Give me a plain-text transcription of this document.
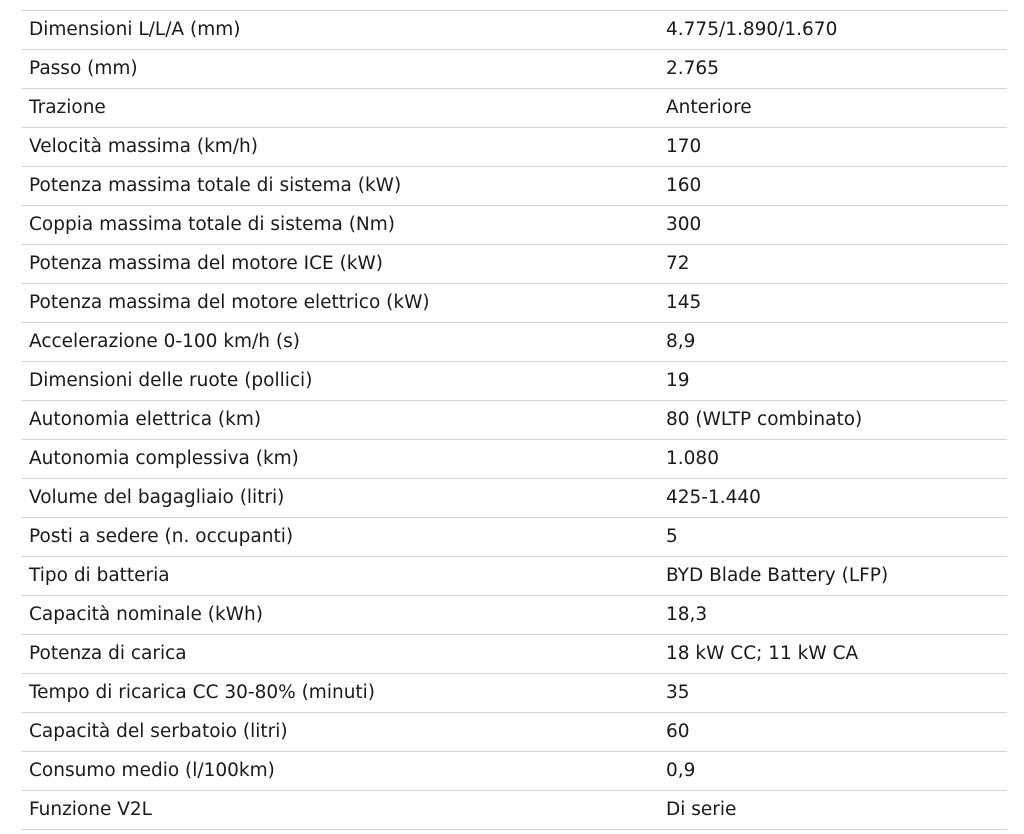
Dimensioni L/L/A (mm)	4.775/1.890/1.670
Passo (mm)	2.765
Trazione	Anteriore
Velocità massima (km/h)	170
Potenza massima totale di sistema (kW)	160
Coppia massima totale di sistema (Nm)	300
Potenza massima del motore ICE (kW)	72
Potenza massima del motore elettrico (kW)	145
Accelerazione 0-100 km/h (s)	8,9
Dimensioni delle ruote (pollici)	19
Autonomia elettrica (km)	80 (WLTP combinato)
Autonomia complessiva (km)	1.080
Volume del bagagliaio (litri)	425-1.440
Posti a sedere (n. occupanti)	5
Tipo di batteria	BYD Blade Battery (LFP)
Capacità nominale (kWh)	18,3
Potenza di carica	18 kW CC; 11 kW CA
Tempo di ricarica CC 30-80% (minuti)	35
Capacità del serbatoio (litri)	60
Consumo medio (l/100km)	0,9
Funzione V2L	Di serie
